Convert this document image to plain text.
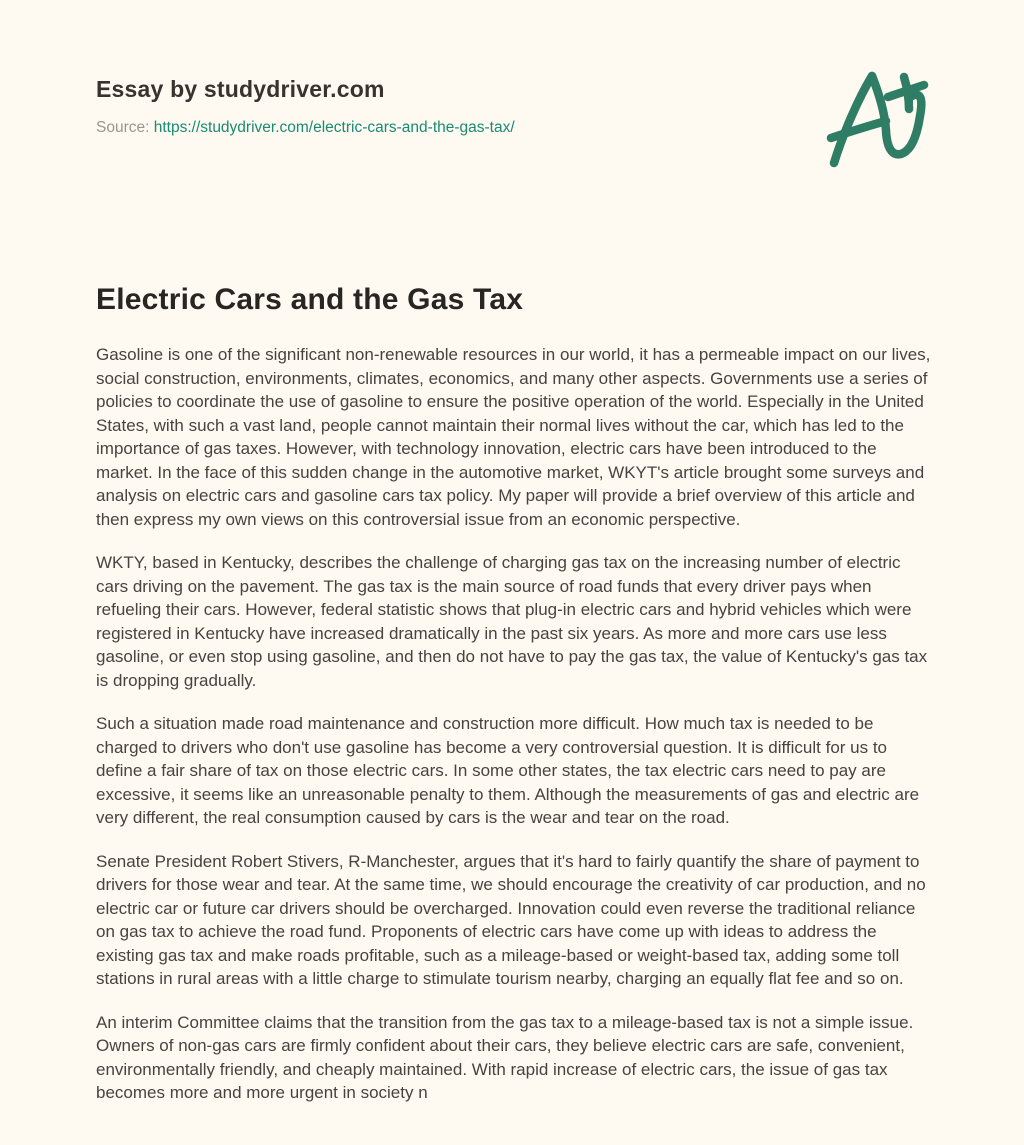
Essay by studydriver.com
Source: https://studydriver.com/electric-cars-and-the-gas-tax/
Electric Cars and the Gas Tax

Gasoline is one of the significant non-renewable resources in our world, it has a permeable impact on our lives, social construction, environments, climates, economics, and many other aspects. Governments use a series of policies to coordinate the use of gasoline to ensure the positive operation of the world. Especially in the United States, with such a vast land, people cannot maintain their normal lives without the car, which has led to the importance of gas taxes. However, with technology innovation, electric cars have been introduced to the market. In the face of this sudden change in the automotive market, WKYT's article brought some surveys and analysis on electric cars and gasoline cars tax policy. My paper will provide a brief overview of this article and then express my own views on this controversial issue from an economic perspective.

WKTY, based in Kentucky, describes the challenge of charging gas tax on the increasing number of electric cars driving on the pavement. The gas tax is the main source of road funds that every driver pays when refueling their cars. However, federal statistic shows that plug-in electric cars and hybrid vehicles which were registered in Kentucky have increased dramatically in the past six years. As more and more cars use less gasoline, or even stop using gasoline, and then do not have to pay the gas tax, the value of Kentucky's gas tax is dropping gradually.

Such a situation made road maintenance and construction more difficult. How much tax is needed to be charged to drivers who don't use gasoline has become a very controversial question. It is difficult for us to define a fair share of tax on those electric cars. In some other states, the tax electric cars need to pay are excessive, it seems like an unreasonable penalty to them. Although the measurements of gas and electric are very different, the real consumption caused by cars is the wear and tear on the road.

Senate President Robert Stivers, R-Manchester, argues that it's hard to fairly quantify the share of payment to drivers for those wear and tear. At the same time, we should encourage the creativity of car production, and no electric car or future car drivers should be overcharged. Innovation could even reverse the traditional reliance on gas tax to achieve the road fund. Proponents of electric cars have come up with ideas to address the existing gas tax and make roads profitable, such as a mileage-based or weight-based tax, adding some toll stations in rural areas with a little charge to stimulate tourism nearby, charging an equally flat fee and so on.

An interim Committee claims that the transition from the gas tax to a mileage-based tax is not a simple issue. Owners of non-gas cars are firmly confident about their cars, they believe electric cars are safe, convenient, environmentally friendly, and cheaply maintained. With rapid increase of electric cars, the issue of gas tax becomes more and more urgent in society n
